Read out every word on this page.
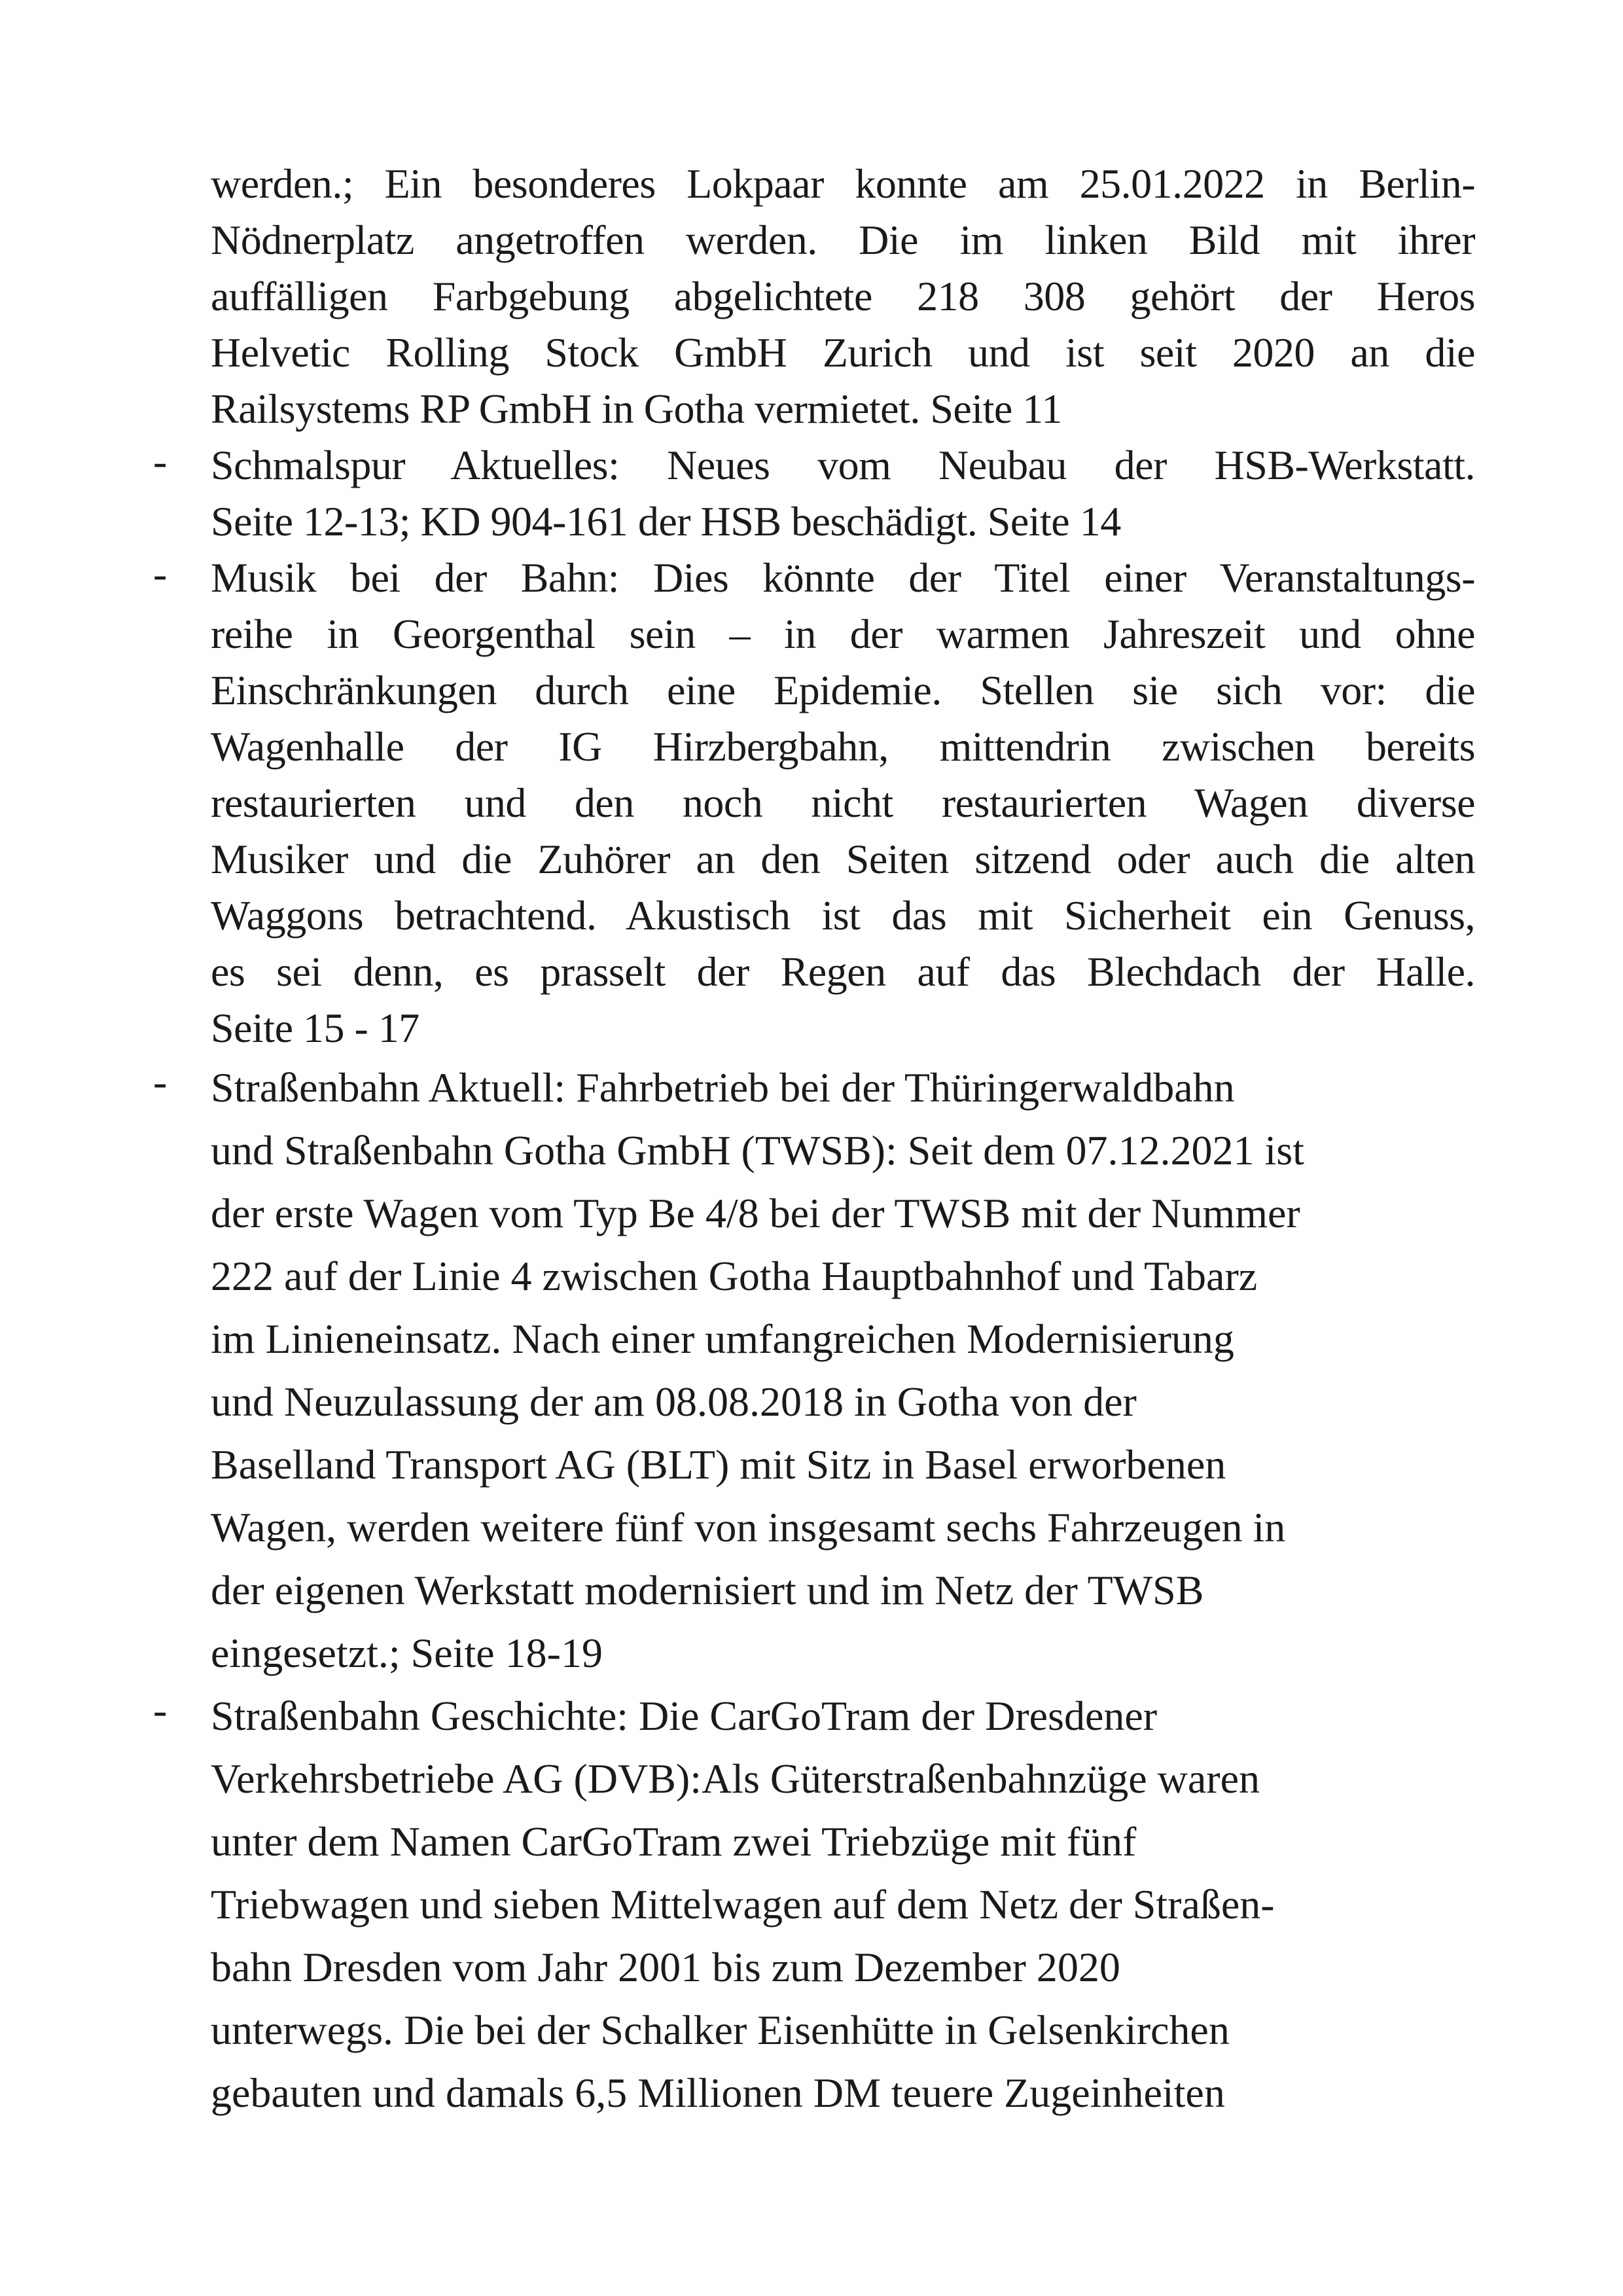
werden.; Ein besonderes Lokpaar konnte am 25.01.2022 in Berlin-
Nödnerplatz angetroffen werden. Die im linken Bild mit ihrer
auffälligen Farbgebung abgelichtete 218 308 gehört der Heros
Helvetic Rolling Stock GmbH Zurich und ist seit 2020 an die
Railsystems RP GmbH in Gotha vermietet. Seite 11
- Schmalspur Aktuelles: Neues vom Neubau der HSB-Werkstatt.
Seite 12-13; KD 904-161 der HSB beschädigt. Seite 14
- Musik bei der Bahn: Dies könnte der Titel einer Veranstaltungs-
reihe in Georgenthal sein – in der warmen Jahreszeit und ohne
Einschränkungen durch eine Epidemie. Stellen sie sich vor: die
Wagenhalle der IG Hirzbergbahn, mittendrin zwischen bereits
restaurierten und den noch nicht restaurierten Wagen diverse
Musiker und die Zuhörer an den Seiten sitzend oder auch die alten
Waggons betrachtend. Akustisch ist das mit Sicherheit ein Genuss,
es sei denn, es prasselt der Regen auf das Blechdach der Halle.
Seite 15 - 17
- Straßenbahn Aktuell: Fahrbetrieb bei der Thüringerwaldbahn
und Straßenbahn Gotha GmbH (TWSB): Seit dem 07.12.2021 ist
der erste Wagen vom Typ Be 4/8 bei der TWSB mit der Nummer
222 auf der Linie 4 zwischen Gotha Hauptbahnhof und Tabarz
im Linieneinsatz. Nach einer umfangreichen Modernisierung
und Neuzulassung der am 08.08.2018 in Gotha von der
Baselland Transport AG (BLT) mit Sitz in Basel erworbenen
Wagen, werden weitere fünf von insgesamt sechs Fahrzeugen in
der eigenen Werkstatt modernisiert und im Netz der TWSB
eingesetzt.; Seite 18-19
- Straßenbahn Geschichte: Die CarGoTram der Dresdener
Verkehrsbetriebe AG (DVB):Als Güterstraßenbahnzüge waren
unter dem Namen CarGoTram zwei Triebzüge mit fünf
Triebwagen und sieben Mittelwagen auf dem Netz der Straßen-
bahn Dresden vom Jahr 2001 bis zum Dezember 2020
unterwegs. Die bei der Schalker Eisenhütte in Gelsenkirchen
gebauten und damals 6,5 Millionen DM teuere Zugeinheiten
